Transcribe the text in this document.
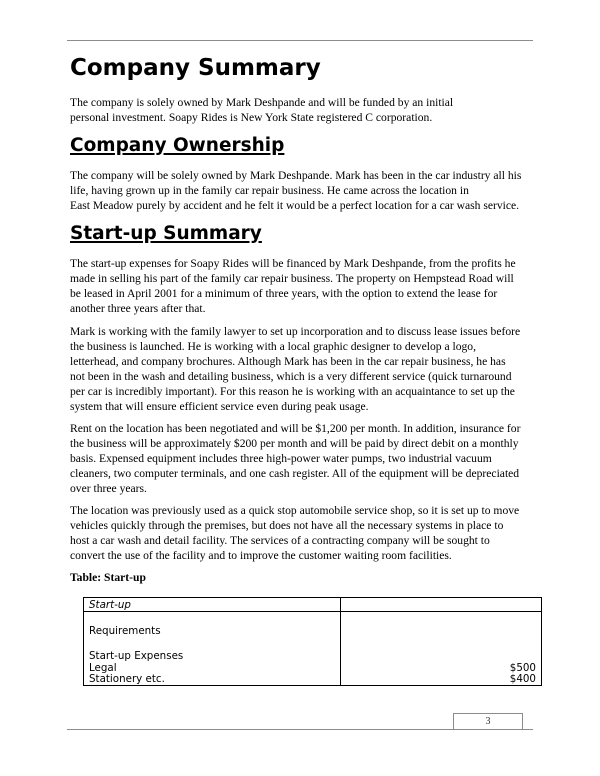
Company Summary

The company is solely owned by Mark Deshpande and will be funded by an initial
personal investment. Soapy Rides is New York State registered C corporation.

Company Ownership

The company will be solely owned by Mark Deshpande. Mark has been in the car industry all his
life, having grown up in the family car repair business. He came across the location in
East Meadow purely by accident and he felt it would be a perfect location for a car wash service.

Start-up Summary

The start-up expenses for Soapy Rides will be financed by Mark Deshpande, from the profits he
made in selling his part of the family car repair business. The property on Hempstead Road will
be leased in April 2001 for a minimum of three years, with the option to extend the lease for
another three years after that.

Mark is working with the family lawyer to set up incorporation and to discuss lease issues before
the business is launched. He is working with a local graphic designer to develop a logo,
letterhead, and company brochures. Although Mark has been in the car repair business, he has
not been in the wash and detailing business, which is a very different service (quick turnaround
per car is incredibly important). For this reason he is working with an acquaintance to set up the
system that will ensure efficient service even during peak usage.

Rent on the location has been negotiated and will be $1,200 per month. In addition, insurance for
the business will be approximately $200 per month and will be paid by direct debit on a monthly
basis. Expensed equipment includes three high-power water pumps, two industrial vacuum
cleaners, two computer terminals, and one cash register. All of the equipment will be depreciated
over three years.

The location was previously used as a quick stop automobile service shop, so it is set up to move
vehicles quickly through the premises, but does not have all the necessary systems in place to
host a car wash and detail facility. The services of a contracting company will be sought to
convert the use of the facility and to improve the customer waiting room facilities.

Table: Start-up

Start-up
Requirements
Start-up Expenses
Legal	$500
Stationery etc.	$400
3
